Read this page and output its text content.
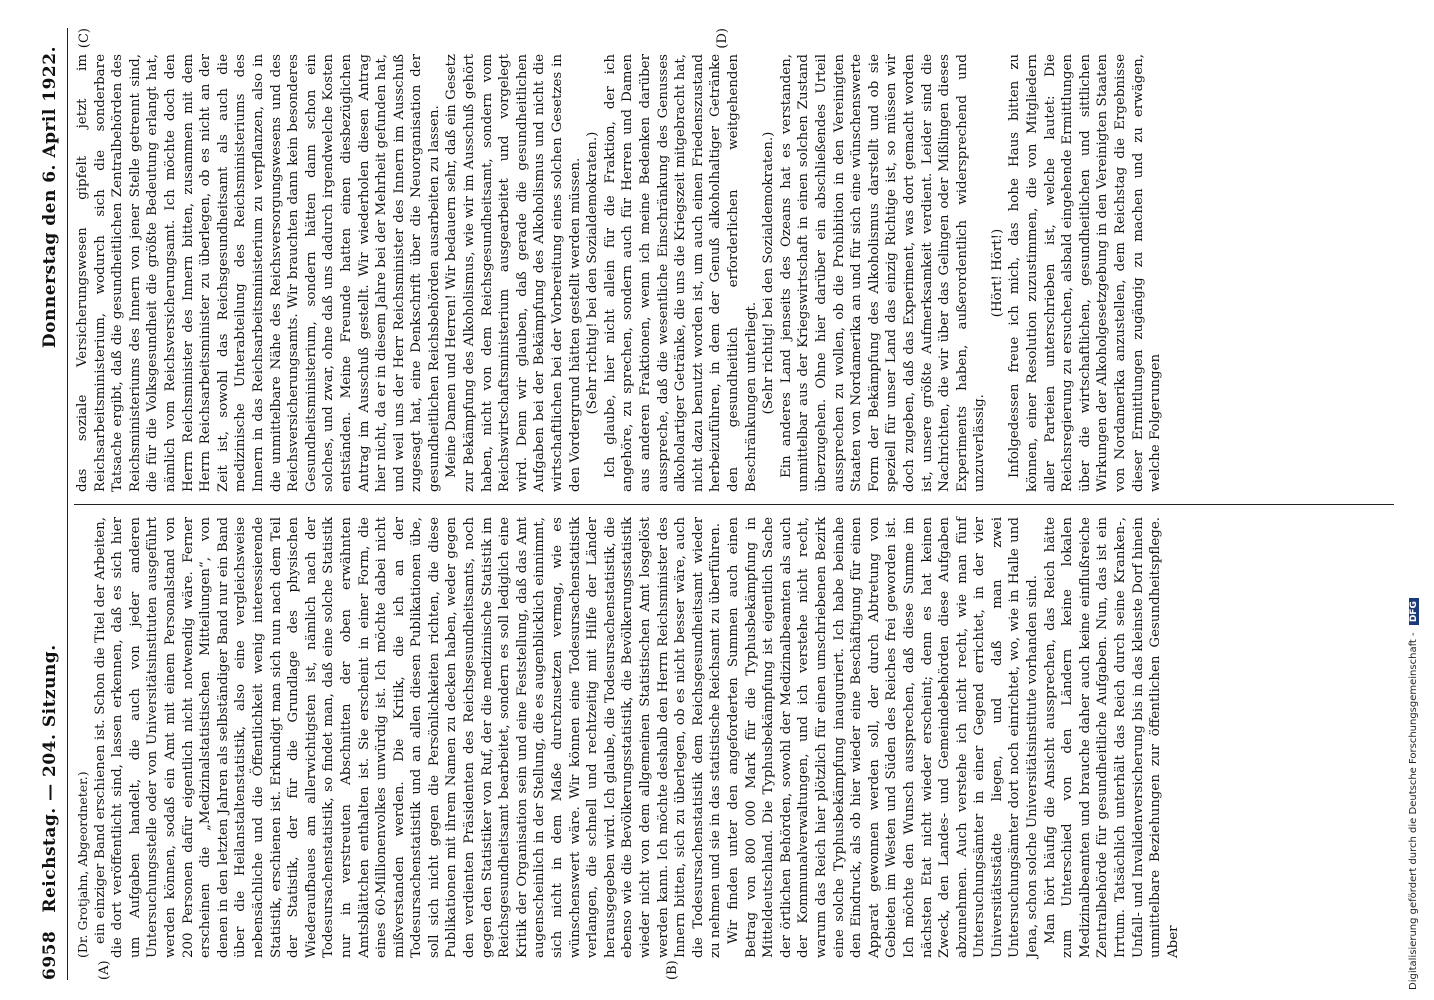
6958
Reichstag. — 204. Sitzung.
Donnerstag den 6. April 1922.
(A)	(B)

(Dr. Grotjahn, Abgeordneter.) ein einziger Band erschienen ist. Schon die Titel der Arbeiten, die dort veröffentlicht sind, lassen erkennen, daß es sich hier um Aufgaben handelt, die auch von jeder anderen Untersuchungsstelle oder von Universitätsinstituten ausgeführt werden können, sodaß ein Amt mit einem Personalstand von 200 Personen dafür eigentlich nicht notwendig wäre. Ferner erscheinen die „Medizinalstatistischen Mitteilungen“, von denen in den letzten Jahren als selbständiger Band nur ein Band über die Heilanstaltenstatistik, also eine vergleichsweise nebensächliche und die Öffentlichkeit wenig interessierende Statistik, erschienen ist. Erkundigt man sich nun nach dem Teil der Statistik, der für die Grundlage des physischen Wiederaufbaues am allerwichtigsten ist, nämlich nach der Todesursachenstatistik, so findet man, daß eine solche Statistik nur in verstreuten Abschnitten der oben erwähnten Amtsblättchen enthalten ist. Sie erscheint in einer Form, die eines 60-Millionenvolkes unwürdig ist. Ich möchte dabei nicht mißverstanden werden. Die Kritik, die ich an der Todesursachenstatistik und an allen diesen Publikationen übe, soll sich nicht gegen die Persönlichkeiten richten, die diese Publikationen mit ihrem Namen zu decken haben, weder gegen den verdienten Präsidenten des Reichsgesundheitsamts, noch gegen den Statistiker von Ruf, der die medizinische Statistik im Reichsgesundheitsamt bearbeitet, sondern es soll lediglich eine Kritik der Organisation sein und eine Feststellung, daß das Amt augenscheinlich in der Stellung, die es augenblicklich einnimmt, sich nicht in dem Maße durchzusetzen vermag, wie es wünschenswert wäre. Wir können eine Todesursachenstatistik verlangen, die schnell und rechtzeitig mit Hilfe der Länder herausgegeben wird. Ich glaube, die Todesursachenstatistik, die ebenso wie die Bevölkerungsstatistik, die Bevölkerungsstatistik wieder nicht von dem allgemeinen Statistischen Amt losgelöst werden kann. Ich möchte deshalb den Herrn Reichsminister des Innern bitten, sich zu überlegen, ob es nicht besser wäre, auch die Todesursachenstatistik dem Reichsgesundheitsamt wieder zu nehmen und sie in das statistische Reichsamt zu überführen. Wir finden unter den angeforderten Summen auch einen Betrag von 800 000 Mark für die Typhusbekämpfung in Mitteldeutschland. Die Typhusbekämpfung ist eigentlich Sache der örtlichen Behörden, sowohl der Medizinalbeamten als auch der Kommunalverwaltungen, und ich verstehe nicht recht, warum das Reich hier plötzlich für einen umschriebenen Bezirk eine solche Typhusbekämpfung inauguriert. Ich habe beinahe den Eindruck, als ob hier wieder eine Beschäftigung für einen Apparat gewonnen werden soll, der durch Abtretung von Gebieten im Westen und Süden des Reiches frei geworden ist. Ich möchte den Wunsch aussprechen, daß diese Summe im nächsten Etat nicht wieder erscheint; denn es hat keinen Zweck, den Landes- und Gemeindebehörden diese Aufgaben abzunehmen. Auch verstehe ich nicht recht, wie man fünf Untersuchungsämter in einer Gegend errichtet, in der vier Universitätsstädte liegen, und daß man zwei Untersuchungsämter dort noch einrichtet, wo, wie in Halle und Jena, schon solche Universitätsinstitute vorhanden sind. Man hört häufig die Ansicht aussprechen, das Reich hätte zum Unterschied von den Ländern keine lokalen Medizinalbeamten und brauche daher auch keine einflußreiche Zentralbehörde für gesundheitliche Aufgaben. Nun, das ist ein Irrtum. Tatsächlich unterhält das Reich durch seine Kranken-, Unfall- und Invalidenversicherung bis in das kleinste Dorf hinein unmittelbare Beziehungen zur öffentlichen Gesundheitspflege. Aber

(C)	(D)

das soziale Versicherungswesen gipfelt jetzt im Reichsarbeitsministerium, wodurch sich die sonderbare Tatsache ergibt, daß die gesundheitlichen Zentralbehörden des Reichsministeriums des Innern von jener Stelle getrennt sind, die für die Volksgesundheit die größte Bedeutung erlangt hat, nämlich vom Reichsversicherungsamt. Ich möchte doch den Herrn Reichsminister des Innern bitten, zusammen mit dem Herrn Reichsarbeitsminister zu überlegen, ob es nicht an der Zeit ist, sowohl das Reichsgesundheitsamt als auch die medizinische Unterabteilung des Reichsministeriums des Innern in das Reichsarbeitsministerium zu verpflanzen, also in die unmittelbare Nähe des Reichsversorgungswesens und des Reichsversicherungsamts. Wir brauchten dann kein besonderes Gesundheitsministerium, sondern hätten dann schon ein solches, und zwar, ohne daß uns dadurch irgendwelche Kosten entständen. Meine Freunde hatten einen diesbezüglichen Antrag im Ausschuß gestellt. Wir wiederholen diesen Antrag hier nicht, da er in diesem Jahre bei der Mehrheit gefunden hat, und weil uns der Herr Reichsminister des Innern im Ausschuß zugesagt hat, eine Denkschrift über die Neuorganisation der gesundheitlichen Reichsbehörden ausarbeiten zu lassen. Meine Damen und Herren! Wir bedauern sehr, daß ein Gesetz zur Bekämpfung des Alkoholismus, wie wir im Ausschuß gehört haben, nicht von dem Reichsgesundheitsamt, sondern vom Reichswirtschaftsministerium ausgearbeitet und vorgelegt wird. Denn wir glauben, daß gerade die gesundheitlichen Aufgaben bei der Bekämpfung des Alkoholismus und nicht die wirtschaftlichen bei der Vorbereitung eines solchen Gesetzes in den Vordergrund hätten gestellt werden müssen. (Sehr richtig! bei den Sozialdemokraten.) Ich glaube, hier nicht allein für die Fraktion, der ich angehöre, zu sprechen, sondern auch für Herren und Damen aus anderen Fraktionen, wenn ich meine Bedenken darüber ausspreche, daß die wesentliche Einschränkung des Genusses alkoholartiger Getränke, die uns die Kriegszeit mitgebracht hat, nicht dazu benutzt worden ist, um auch einen Friedenszustand herbeizuführen, in dem der Genuß alkoholhaltiger Getränke den gesundheitlich erforderlichen weitgehenden Beschränkungen unterliegt. (Sehr richtig! bei den Sozialdemokraten.) Ein anderes Land jenseits des Ozeans hat es verstanden, unmittelbar aus der Kriegswirtschaft in einen solchen Zustand überzugehen. Ohne hier darüber ein abschließendes Urteil aussprechen zu wollen, ob die Prohibition in den Vereinigten Staaten von Nordamerika an und für sich eine wünschenswerte Form der Bekämpfung des Alkoholismus darstellt und ob sie speziell für unser Land das einzig Richtige ist, so müssen wir doch zugeben, daß das Experiment, was dort gemacht worden ist, unsere größte Aufmerksamkeit verdient. Leider sind die Nachrichten, die wir über das Gelingen oder Mißlingen dieses Experiments haben, außerordentlich widersprechend und unzuverlässig.

(Hört! Hört!) Infolgedessen freue ich mich, das hohe Haus bitten zu können, einer Resolution zuzustimmen, die von Mitgliedern aller Parteien unterschrieben ist, welche lautet: Die Reichsregierung zu ersuchen, alsbald eingehende Ermittlungen über die wirtschaftlichen, gesundheitlichen und sittlichen Wirkungen der Alkoholgesetzgebung in den Vereinigten Staaten von Nordamerika anzustellen, dem Reichstag die Ergebnisse dieser Ermittlungen zugängig zu machen und zu erwägen, welche Folgerungen

Digitalisierung gefördert durch die Deutsche Forschungsgemeinschaft - DFG
